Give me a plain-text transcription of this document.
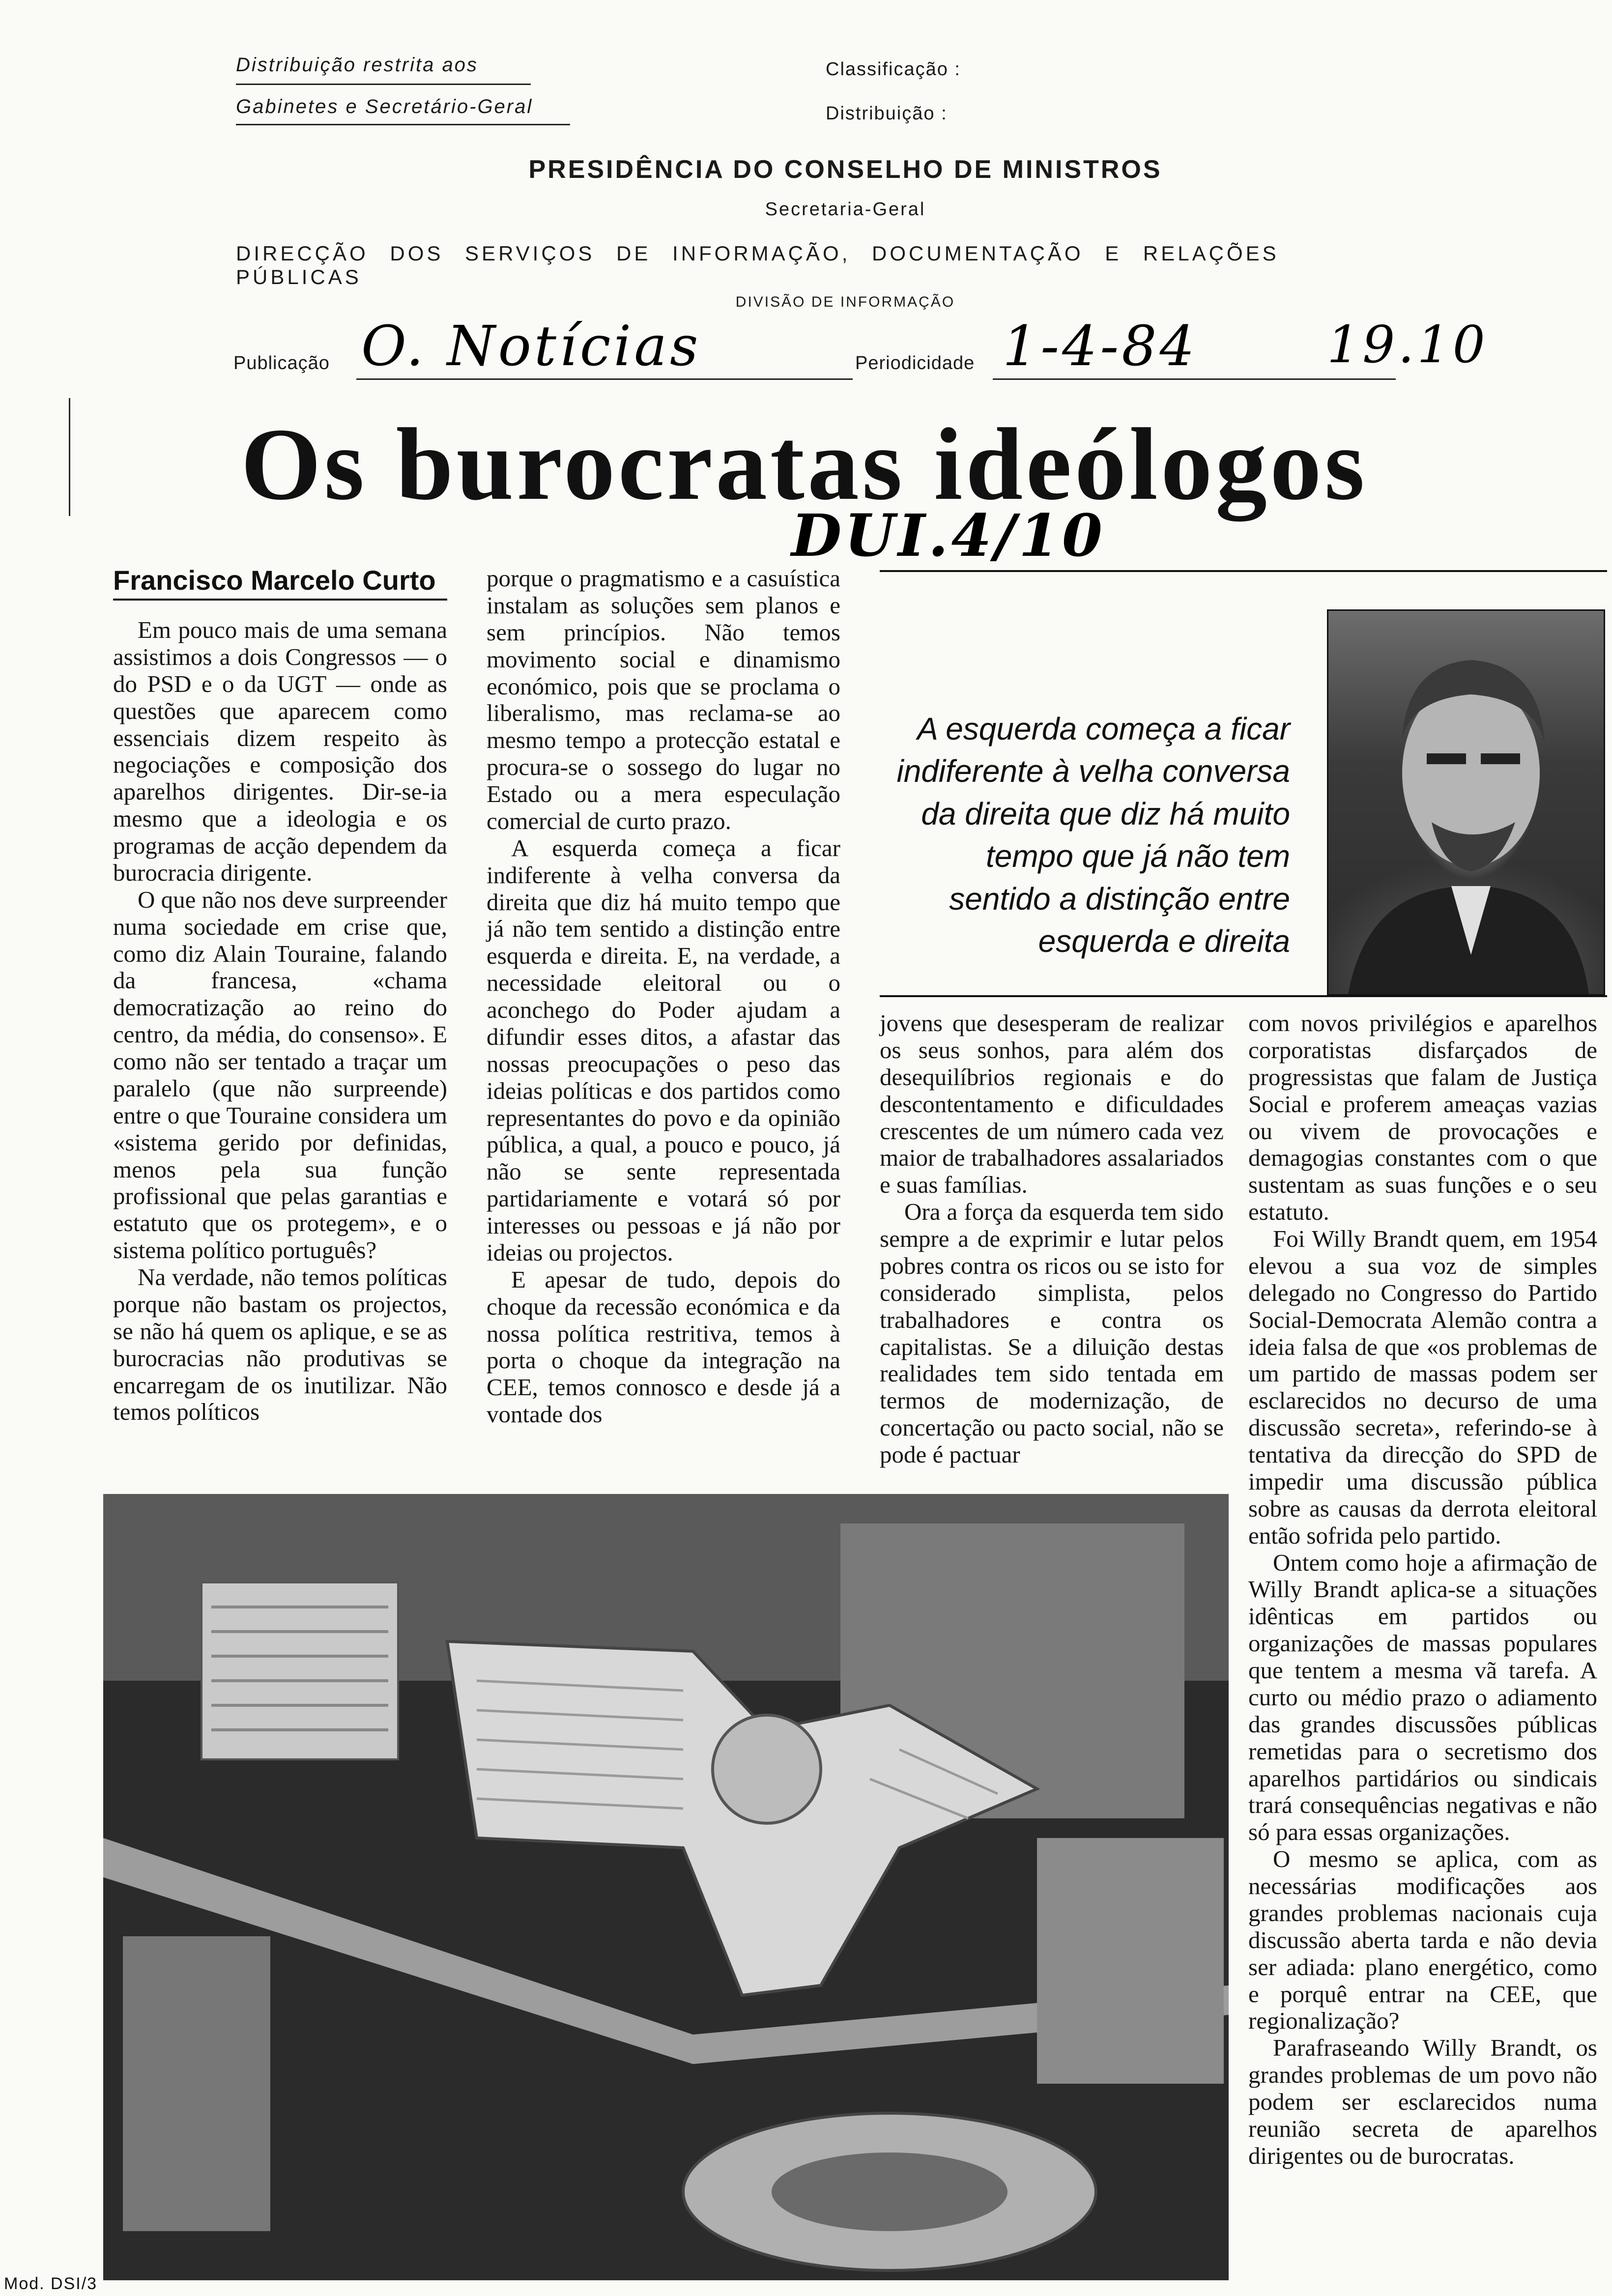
Distribuição restrita aos
Gabinetes e Secretário-Geral
Classificação :
Distribuição :
PRESIDÊNCIA DO CONSELHO DE MINISTROS
Secretaria-Geral
DIRECÇÃO DOS SERVIÇOS DE INFORMAÇÃO, DOCUMENTAÇÃO E RELAÇÕES PÚBLICAS
DIVISÃO DE INFORMAÇÃO
Publicação O. Notícias	Periodicidade 1-4-84	19.10
Os burocratas ideólogos
DUI.4/10
Francisco Marcelo Curto

Em pouco mais de uma semana assistimos a dois Congressos — o do PSD e o da UGT — onde as questões que aparecem como essenciais dizem respeito às negociações e composição dos aparelhos dirigentes. Dir-se-ia mesmo que a ideologia e os programas de acção dependem da burocracia dirigente.

O que não nos deve surpreender numa sociedade em crise que, como diz Alain Touraine, falando da francesa, «chama democratização ao reino do centro, da média, do consenso». E como não ser tentado a traçar um paralelo (que não surpreende) entre o que Touraine considera um «sistema gerido por definidas, menos pela sua função profissional que pelas garantias e estatuto que os protegem», e o sistema político português?

Na verdade, não temos políticas porque não bastam os projectos, se não há quem os aplique, e se as burocracias não produtivas se encarregam de os inutilizar. Não temos políticos

porque o pragmatismo e a casuística instalam as soluções sem planos e sem princípios. Não temos movimento social e dinamismo económico, pois que se proclama o liberalismo, mas reclama-se ao mesmo tempo a protecção estatal e procura-se o sossego do lugar no Estado ou a mera especulação comercial de curto prazo.

A esquerda começa a ficar indiferente à velha conversa da direita que diz há muito tempo que já não tem sentido a distinção entre esquerda e direita. E, na verdade, a necessidade eleitoral ou o aconchego do Poder ajudam a difundir esses ditos, a afastar das nossas preocupações o peso das ideias políticas e dos partidos como representantes do povo e da opinião pública, a qual, a pouco e pouco, já não se sente representada partidariamente e votará só por interesses ou pessoas e já não por ideias ou projectos.

E apesar de tudo, depois do choque da recessão económica e da nossa política restritiva, temos à porta o choque da integração na CEE, temos connosco e desde já a vontade dos

A esquerda começa a ficar
indiferente à velha conversa
da direita que diz há muito
tempo que já não tem
sentido a distinção entre
esquerda e direita

jovens que desesperam de realizar os seus sonhos, para além dos desequilíbrios regionais e do descontentamento e dificuldades crescentes de um número cada vez maior de trabalhadores assalariados e suas famílias.

Ora a força da esquerda tem sido sempre a de exprimir e lutar pelos pobres contra os ricos ou se isto for considerado simplista, pelos trabalhadores e contra os capitalistas. Se a diluição destas realidades tem sido tentada em termos de modernização, de concertação ou pacto social, não se pode é pactuar

com novos privilégios e aparelhos corporatistas disfarçados de progressistas que falam de Justiça Social e proferem ameaças vazias ou vivem de provocações e demagogias constantes com o que sustentam as suas funções e o seu estatuto.

Foi Willy Brandt quem, em 1954 elevou a sua voz de simples delegado no Congresso do Partido Social-Democrata Alemão contra a ideia falsa de que «os problemas de um partido de massas podem ser esclarecidos no decurso de uma discussão secreta», referindo-se à tentativa da direcção do SPD de impedir uma discussão pública sobre as causas da derrota eleitoral então sofrida pelo partido.

Ontem como hoje a afirmação de Willy Brandt aplica-se a situações idênticas em partidos ou organizações de massas populares que tentem a mesma vã tarefa. A curto ou médio prazo o adiamento das grandes discussões públicas remetidas para o secretismo dos aparelhos partidários ou sindicais trará consequências negativas e não só para essas organizações.

O mesmo se aplica, com as necessárias modificações aos grandes problemas nacionais cuja discussão aberta tarda e não devia ser adiada: plano energético, como e porquê entrar na CEE, que regionalização?

Parafraseando Willy Brandt, os grandes problemas de um povo não podem ser esclarecidos numa reunião secreta de aparelhos dirigentes ou de burocratas.

Mod. DSI/3
